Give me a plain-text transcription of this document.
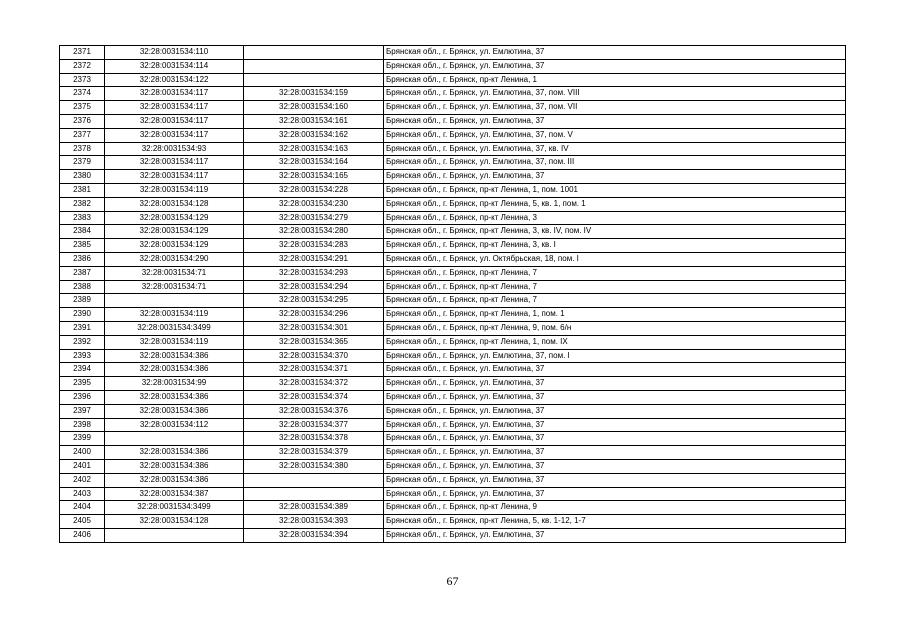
2371	32:28:0031534:110		Брянская обл., г. Брянск, ул. Емлютина, 37
2372	32:28:0031534:114		Брянская обл., г. Брянск, ул. Емлютина, 37
2373	32:28:0031534:122		Брянская обл., г. Брянск, пр-кт Ленина, 1
2374	32:28:0031534:117	32:28:0031534:159	Брянская обл., г. Брянск, ул. Емлютина, 37, пом. VIII
2375	32:28:0031534:117	32:28:0031534:160	Брянская обл., г. Брянск, ул. Емлютина, 37, пом. VII
2376	32:28:0031534:117	32:28:0031534:161	Брянская обл., г. Брянск, ул. Емлютина, 37
2377	32:28:0031534:117	32:28:0031534:162	Брянская обл., г. Брянск, ул. Емлютина, 37, пом. V
2378	32:28:0031534:93	32:28:0031534:163	Брянская обл., г. Брянск, ул. Емлютина, 37, кв. IV
2379	32:28:0031534:117	32:28:0031534:164	Брянская обл., г. Брянск, ул. Емлютина, 37, пом. III
2380	32:28:0031534:117	32:28:0031534:165	Брянская обл., г. Брянск, ул. Емлютина, 37
2381	32:28:0031534:119	32:28:0031534:228	Брянская обл., г. Брянск, пр-кт Ленина, 1, пом. 1001
2382	32:28:0031534:128	32:28:0031534:230	Брянская обл., г. Брянск, пр-кт Ленина, 5, кв. 1, пом. 1
2383	32:28:0031534:129	32:28:0031534:279	Брянская обл., г. Брянск, пр-кт Ленина, 3
2384	32:28:0031534:129	32:28:0031534:280	Брянская обл., г. Брянск, пр-кт Ленина, 3, кв. IV, пом. IV
2385	32:28:0031534:129	32:28:0031534:283	Брянская обл., г. Брянск, пр-кт Ленина, 3, кв. I
2386	32:28:0031534:290	32:28:0031534:291	Брянская обл., г. Брянск, ул. Октябрьская, 18, пом. I
2387	32:28:0031534:71	32:28:0031534:293	Брянская обл., г. Брянск, пр-кт Ленина, 7
2388	32:28:0031534:71	32:28:0031534:294	Брянская обл., г. Брянск, пр-кт Ленина, 7
2389		32:28:0031534:295	Брянская обл., г. Брянск, пр-кт Ленина, 7
2390	32:28:0031534:119	32:28:0031534:296	Брянская обл., г. Брянск, пр-кт Ленина, 1, пом. 1
2391	32:28:0031534:3499	32:28:0031534:301	Брянская обл., г. Брянск, пр-кт Ленина, 9, пом. 6/н
2392	32:28:0031534:119	32:28:0031534:365	Брянская обл., г. Брянск, пр-кт Ленина, 1, пом. IX
2393	32:28:0031534:386	32:28:0031534:370	Брянская обл., г. Брянск, ул. Емлютина, 37, пом. I
2394	32:28:0031534:386	32:28:0031534:371	Брянская обл., г. Брянск, ул. Емлютина, 37
2395	32:28:0031534:99	32:28:0031534:372	Брянская обл., г. Брянск, ул. Емлютина, 37
2396	32:28:0031534:386	32:28:0031534:374	Брянская обл., г. Брянск, ул. Емлютина, 37
2397	32:28:0031534:386	32:28:0031534:376	Брянская обл., г. Брянск, ул. Емлютина, 37
2398	32:28:0031534:112	32:28:0031534:377	Брянская обл., г. Брянск, ул. Емлютина, 37
2399		32:28:0031534:378	Брянская обл., г. Брянск, ул. Емлютина, 37
2400	32:28:0031534:386	32:28:0031534:379	Брянская обл., г. Брянск, ул. Емлютина, 37
2401	32:28:0031534:386	32:28:0031534:380	Брянская обл., г. Брянск, ул. Емлютина, 37
2402	32:28:0031534:386		Брянская обл., г. Брянск, ул. Емлютина, 37
2403	32:28:0031534:387		Брянская обл., г. Брянск, ул. Емлютина, 37
2404	32:28:0031534:3499	32:28:0031534:389	Брянская обл., г. Брянск, пр-кт Ленина, 9
2405	32:28:0031534:128	32:28:0031534:393	Брянская обл., г. Брянск, пр-кт Ленина, 5, кв. 1-12, 1-7
2406		32:28:0031534:394	Брянская обл., г. Брянск, ул. Емлютина, 37
67
